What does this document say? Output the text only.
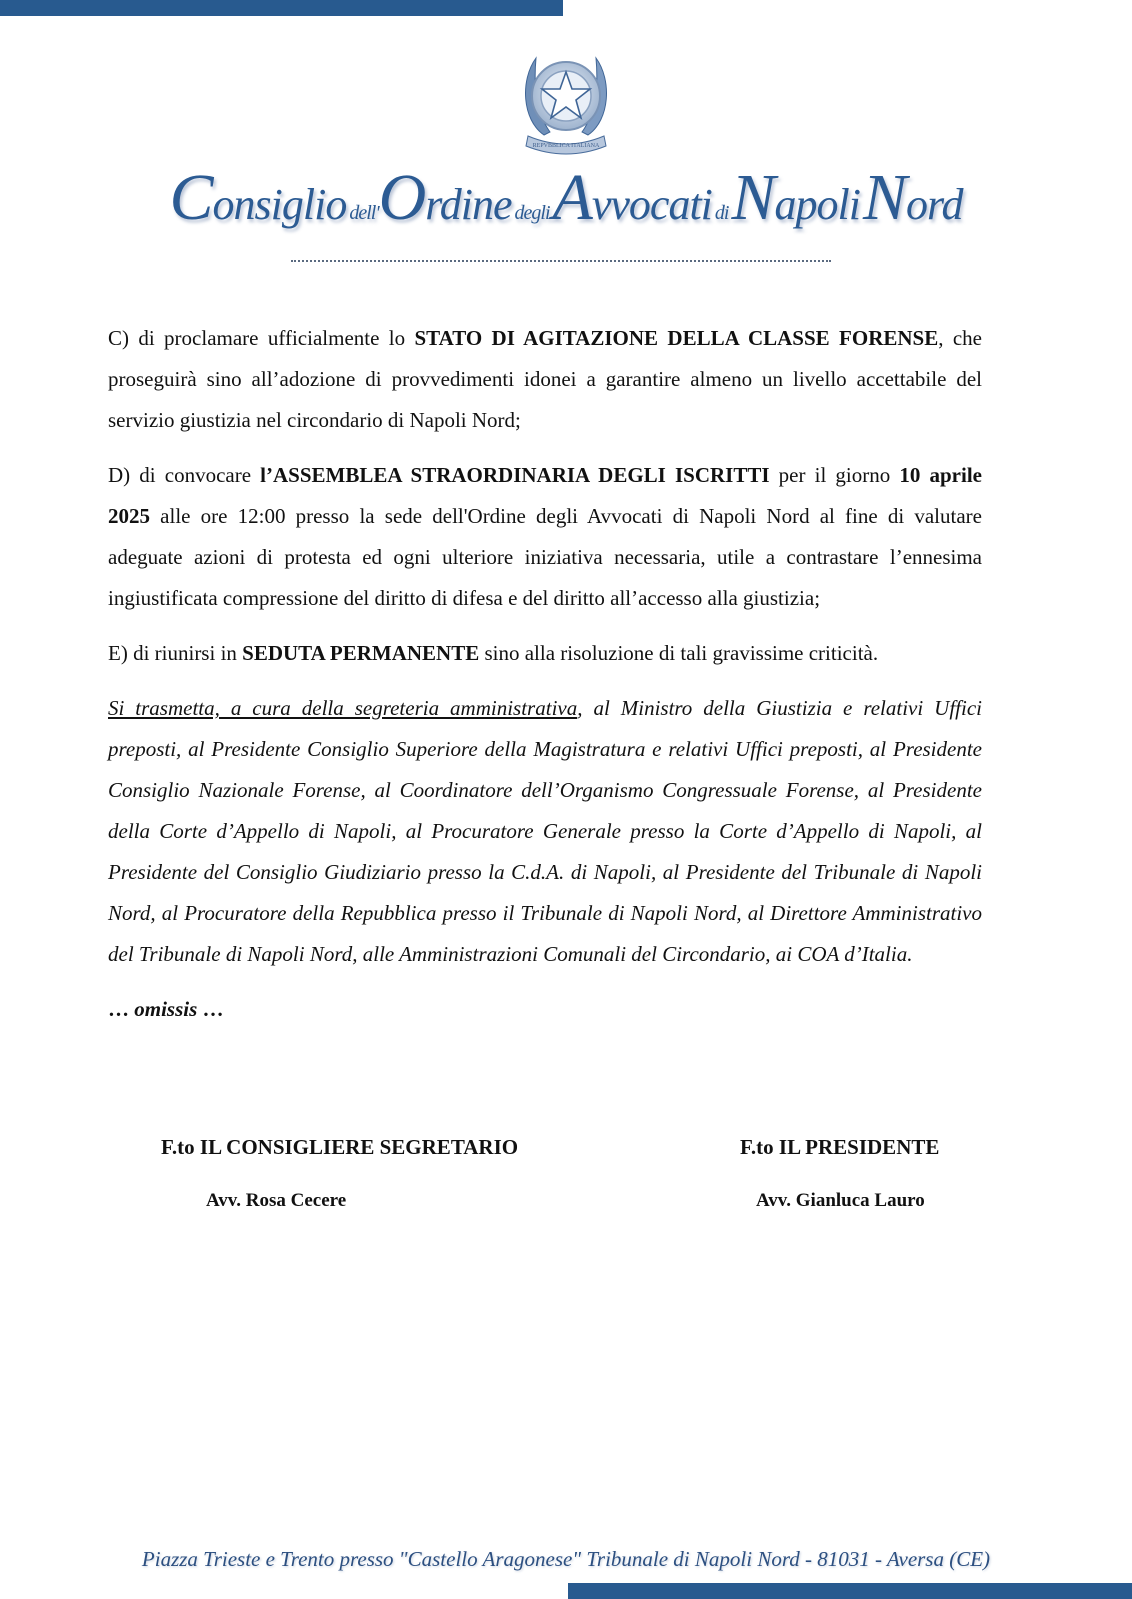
REPVBBLICA ITALIANA
Consiglio dell'Ordine degli Avvocati di Napoli Nord

C) di proclamare ufficialmente lo STATO DI AGITAZIONE DELLA CLASSE FORENSE, che proseguirà sino all’adozione di provvedimenti idonei a garantire almeno un livello accettabile del servizio giustizia nel circondario di Napoli Nord;

D) di convocare l’ASSEMBLEA STRAORDINARIA DEGLI ISCRITTI per il giorno 10 aprile 2025 alle ore 12:00 presso la sede dell'Ordine degli Avvocati di Napoli Nord al fine di valutare adeguate azioni di protesta ed ogni ulteriore iniziativa necessaria, utile a contrastare l’ennesima ingiustificata compressione del diritto di difesa e del diritto all’accesso alla giustizia;

E) di riunirsi in SEDUTA PERMANENTE sino alla risoluzione di tali gravissime criticità.

Si trasmetta, a cura della segreteria amministrativa, al Ministro della Giustizia e relativi Uffici preposti, al Presidente Consiglio Superiore della Magistratura e relativi Uffici preposti, al Presidente Consiglio Nazionale Forense, al Coordinatore dell’Organismo Congressuale Forense, al Presidente della Corte d’Appello di Napoli, al Procuratore Generale presso la Corte d’Appello di Napoli, al Presidente del Consiglio Giudiziario presso la C.d.A. di Napoli, al Presidente del Tribunale di Napoli Nord, al Procuratore della Repubblica presso il Tribunale di Napoli Nord, al Direttore Amministrativo del Tribunale di Napoli Nord, alle Amministrazioni Comunali del Circondario, ai COA d’Italia.

… omissis …
F.to IL CONSIGLIERE SEGRETARIO	F.to IL PRESIDENTE
Avv. Rosa Cecere	Avv. Gianluca Lauro
Piazza Trieste e Trento presso "Castello Aragonese" Tribunale di Napoli Nord - 81031 - Aversa (CE)
